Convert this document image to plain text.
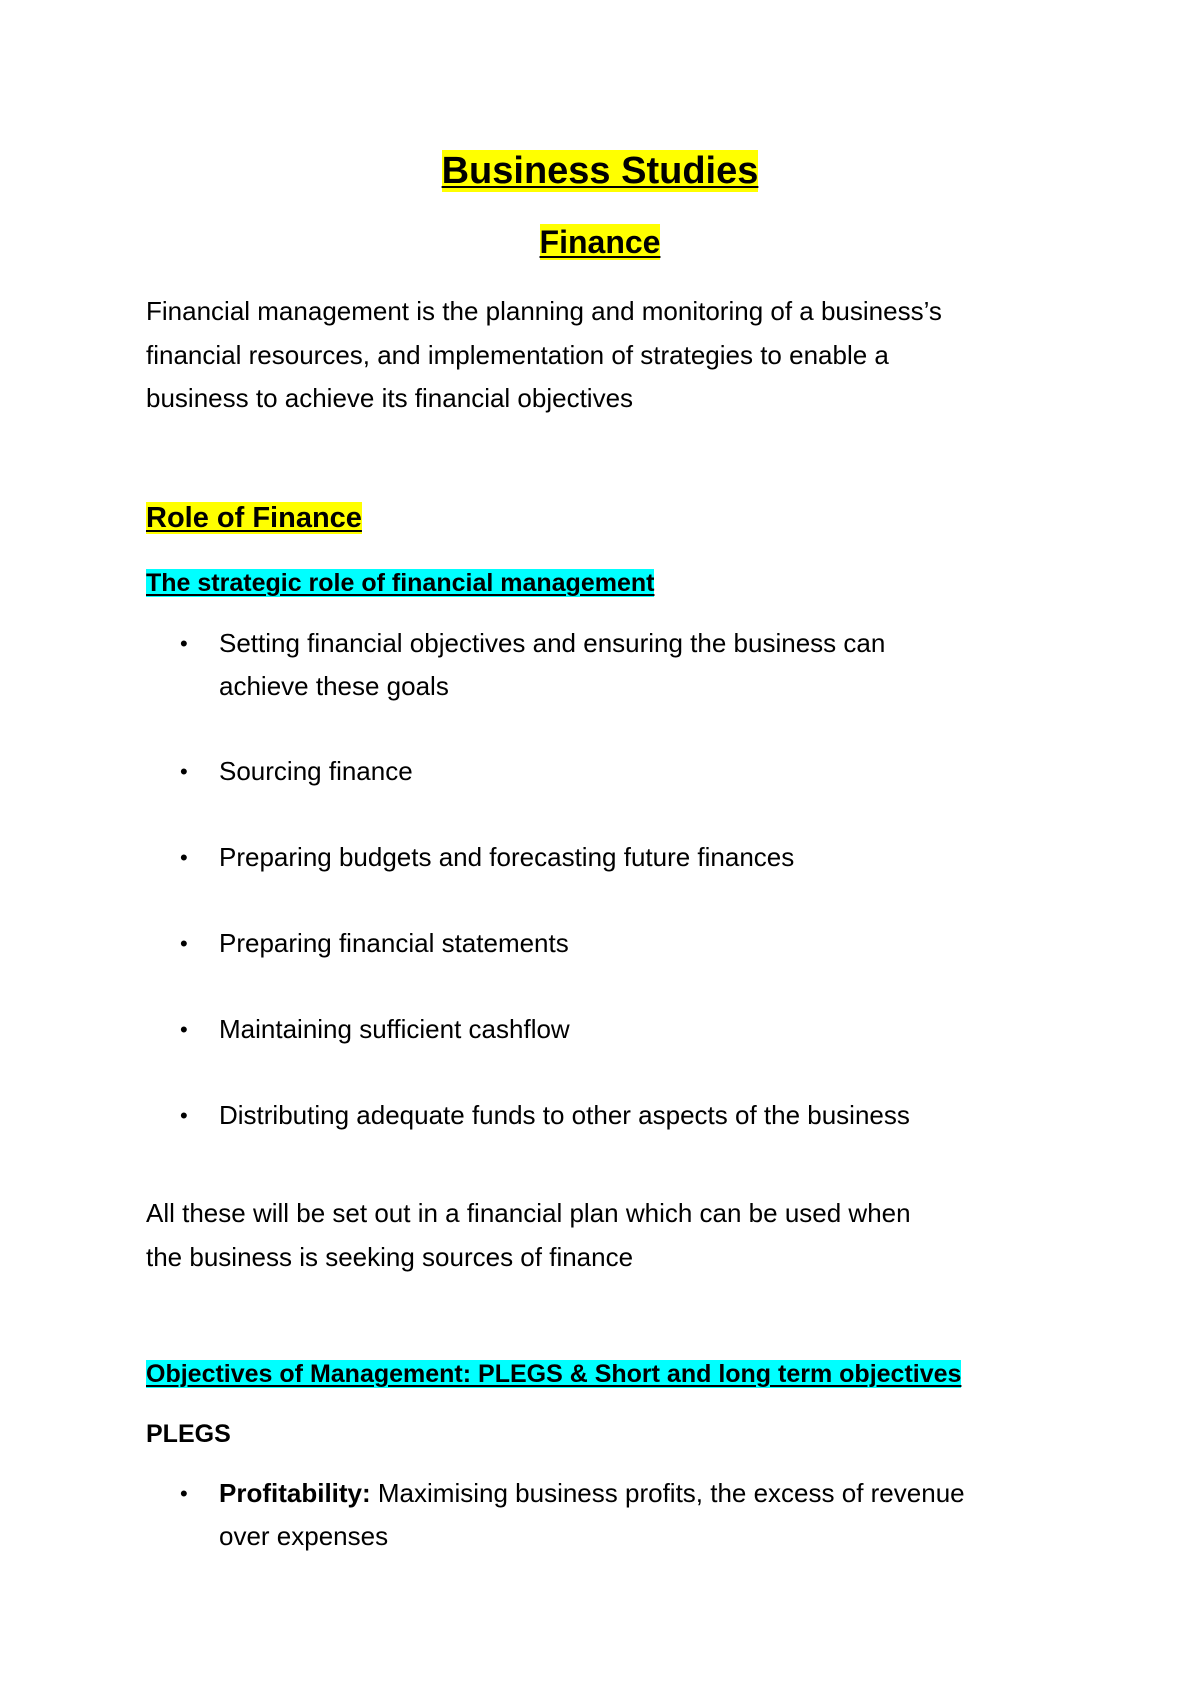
Business Studies
Finance

Financial management is the planning and monitoring of a business’s

financial resources, and implementation of strategies to enable a

business to achieve its financial objectives

Role of Finance
The strategic role of financial management
• Setting financial objectives and ensuring the business can
achieve these goals
• Sourcing finance
• Preparing budgets and forecasting future finances
• Preparing financial statements
• Maintaining sufficient cashflow
• Distributing adequate funds to other aspects of the business

All these will be set out in a financial plan which can be used when

the business is seeking sources of finance

Objectives of Management: PLEGS & Short and long term objectives
PLEGS
• Profitability: Maximising business profits, the excess of revenue
over expenses
